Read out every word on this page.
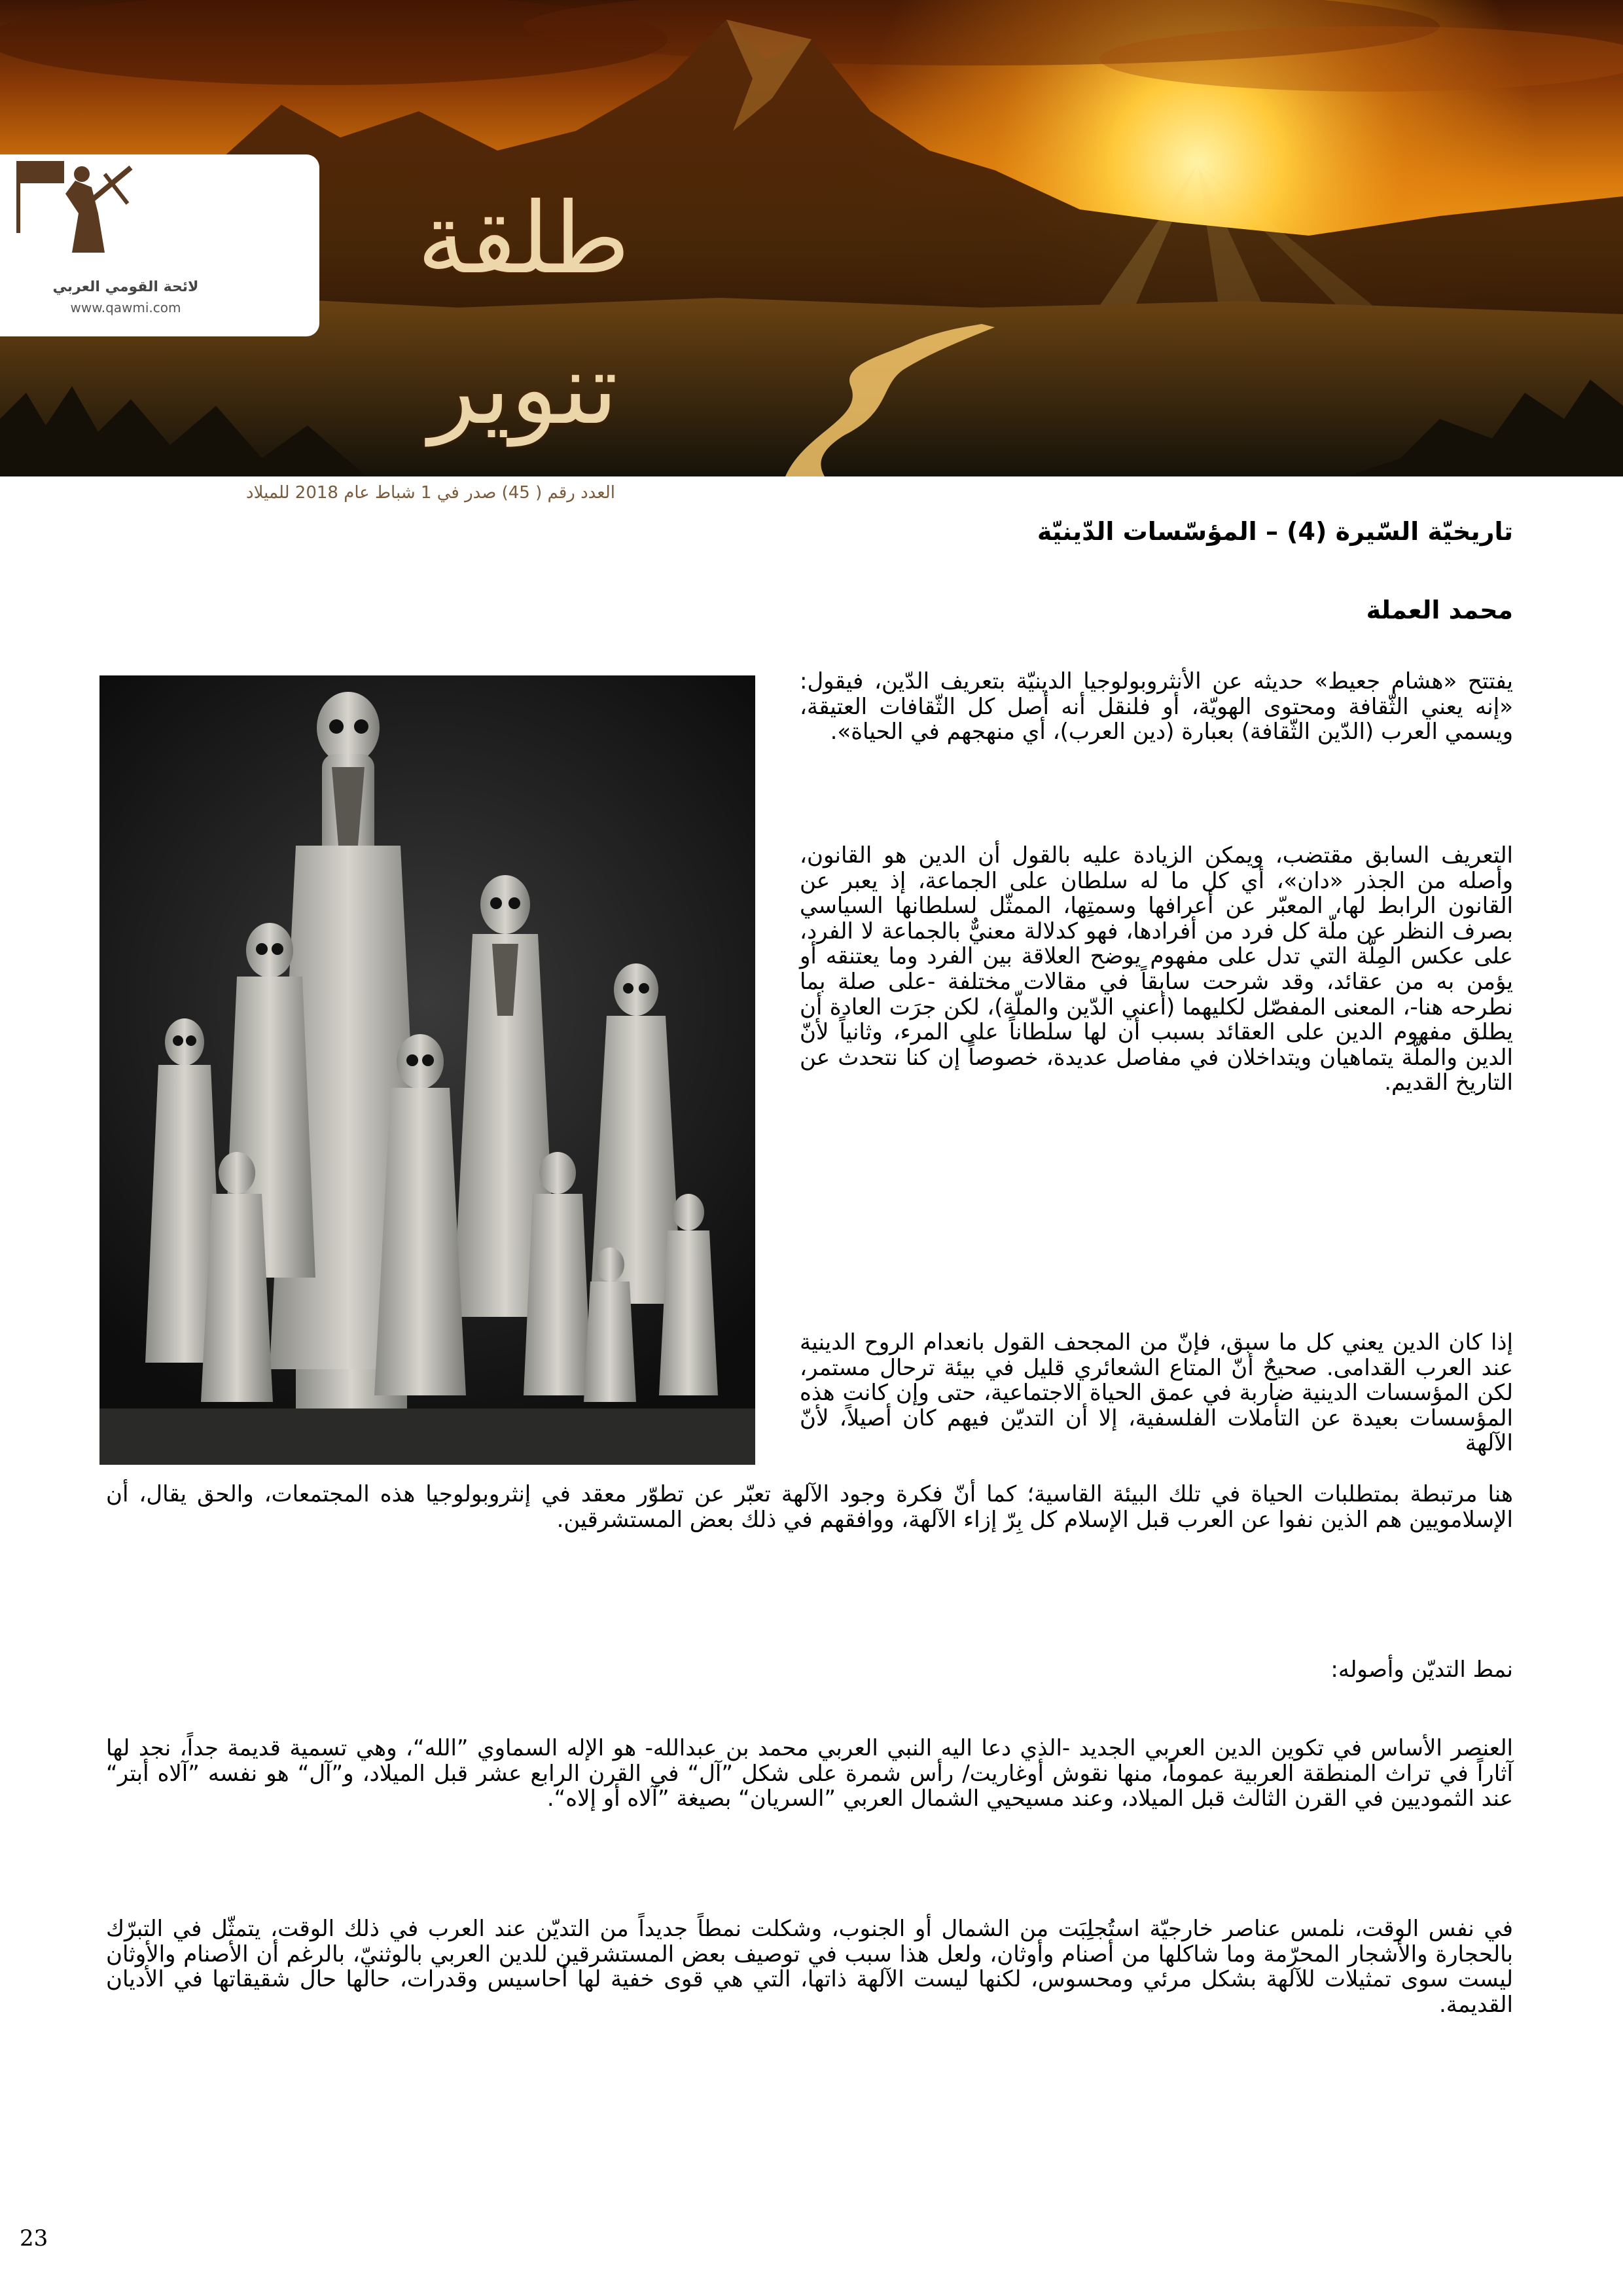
لائحة القومي العربي
www.qawmi.com
طلقة تنوير
العدد رقم ( 45) صدر في 1 شباط عام 2018 للميلاد
تاريخيّة السّيرة (4) – المؤسّسات الدّينيّة
محمد العملة

يفتتح «هشام جعيط» حديثه عن الأنثروبولوجيا الدينيّة بتعريف الدّين، فيقول: «إنه يعني الثّقافة ومحتوى الهويّة، أو فلنقل أنه أصل كل الثّقافات العتيقة، ويسمي العرب (الدّين الثّقافة) بعبارة (دين العرب)، أي منهجهم في الحياة».

التعريف السابق مقتضب، ويمكن الزيادة عليه بالقول أن الدين هو القانون، وأصله من الجذر «دان»، أي كل ما له سلطان على الجماعة، إذ يعبر عن القانون الرابط لها، المعبّر عن أعرافها وسمتِها، الممثّل لسلطانها السياسي بصرف النظر عن ملّة كل فرد من أفرادها، فهو كدلالة معنيٌّ بالجماعة لا الفرد، على عكس المِلّة التي تدل على مفهوم يوضح العلاقة بين الفرد وما يعتنقه أو يؤمن به من عقائد، وقد شرحت سابقاً في مقالات مختلفة -على صلة بما نطرحه هنا-، المعنى المفصّل لكليهما (أعني الدّين والملّة)، لكن جرَت العادة أن يطلق مفهوم الدين على العقائد بسبب أن لها سلطاناً على المرء، وثانياً لأنّ الدين والملّة يتماهيان ويتداخلان في مفاصل عديدة، خصوصاً إن كنا نتحدث عن التاريخ القديم.

إذا كان الدين يعني كل ما سبق، فإنّ من المجحف القول بانعدام الروح الدينية عند العرب القدامى. صحيحٌ أنّ المتاع الشعائري قليل في بيئة ترحال مستمر، لكن المؤسسات الدينية ضاربة في عمق الحياة الاجتماعية، حتى وإن كانت هذه المؤسسات بعيدة عن التأملات الفلسفية، إلا أن التديّن فيهم كان أصيلاً، لأنّ الآلهة

هنا مرتبطة بمتطلبات الحياة في تلك البيئة القاسية؛ كما أنّ فكرة وجود الآلهة تعبّر عن تطوّر معقد في إنثروبولوجيا هذه المجتمعات، والحق يقال، أن الإسلامويين هم الذين نفوا عن العرب قبل الإسلام كل بِرّ إزاء الآلهة، ووافقهم في ذلك بعض المستشرقين.

نمط التديّن وأصوله:

العنصر الأساس في تكوين الدين العربي الجديد -الذي دعا اليه النبي العربي محمد بن عبدالله- هو الإله السماوي ”الله“، وهي تسمية قديمة جداً، نجد لها آثاراً في تراث المنطقة العربية عموماً، منها نقوش أوغاريت/ رأس شمرة على شكل ”آل“ في القرن الرابع عشر قبل الميلاد، و”آل“ هو نفسه ”آلاه أبتر“ عند الثموديين في القرن الثالث قبل الميلاد، وعند مسيحيي الشمال العربي ”السريان“ بصيغة ”آلاه أو إلاه“.

في نفس الوقت، نلمس عناصر خارجيّة استُجلِبَت من الشمال أو الجنوب، وشكلت نمطاً جديداً من التديّن عند العرب في ذلك الوقت، يتمثّل في التبرّك بالحجارة والأشجار المحرّمة وما شاكلها من أصنام وأوثان، ولعل هذا سبب في توصيف بعض المستشرقين للدين العربي بالوثنيّ، بالرغم أن الأصنام والأوثان ليست سوى تمثيلات للآلهة بشكل مرئي ومحسوس، لكنها ليست الآلهة ذاتها، التي هي قوى خفية لها أحاسيس وقدرات، حالها حال شقيقاتها في الأديان القديمة.

23
